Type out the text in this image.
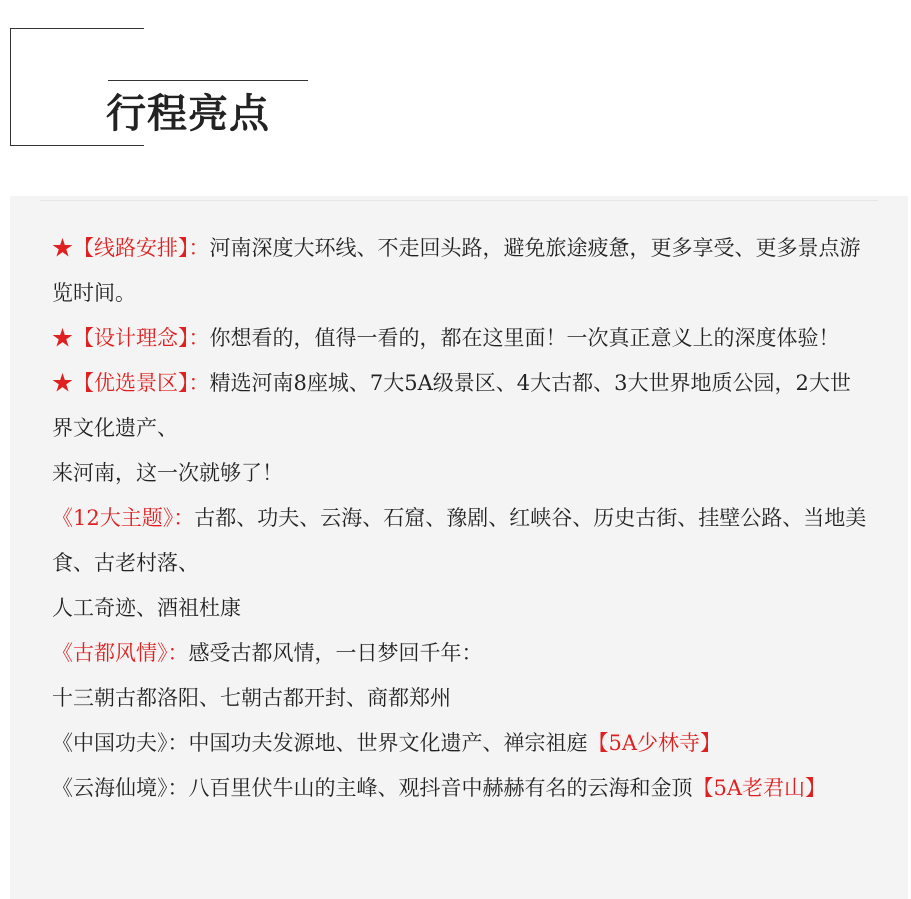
行程亮点
★【线路安排】：河南深度大环线、不走回头路，避免旅途疲惫，更多享受、更多景点游览时间。
★【设计理念】：你想看的，值得一看的，都在这里面！一次真正意义上的深度体验！
★【优选景区】：精选河南8座城、7大5A级景区、4大古都、3大世界地质公园，2大世界文化遗产、
来河南，这一次就够了！
《12大主题》：古都、功夫、云海、石窟、豫剧、红峡谷、历史古街、挂壁公路、当地美食、古老村落、
人工奇迹、酒祖杜康
《古都风情》：感受古都风情，一日梦回千年：
十三朝古都洛阳、七朝古都开封、商都郑州
《中国功夫》：中国功夫发源地、世界文化遗产、禅宗祖庭【5A少林寺】
《云海仙境》：八百里伏牛山的主峰、观抖音中赫赫有名的云海和金顶【5A老君山】
